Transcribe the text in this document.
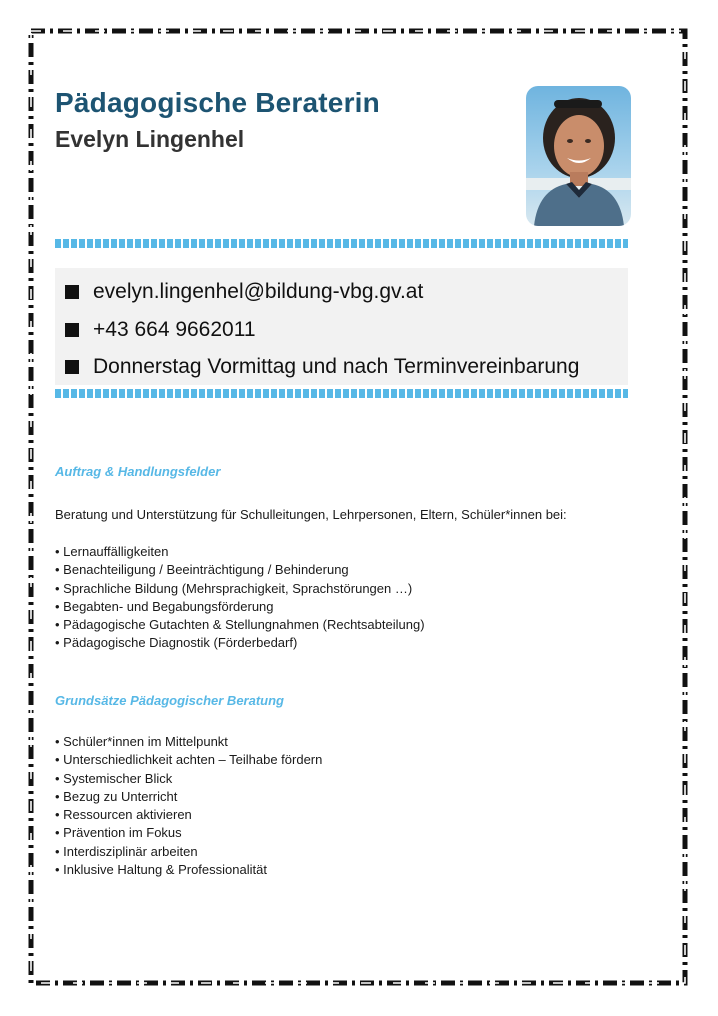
Pädagogische Beraterin
Evelyn Lingenhel
evelyn.lingenhel@bildung-vbg.gv.at
+43 664 9662011
Donnerstag Vormittag und nach Terminvereinbarung
Auftrag & Handlungsfelder
Beratung und Unterstützung für Schulleitungen, Lehrpersonen, Eltern, Schüler*innen bei:
• Lernauffälligkeiten
• Benachteiligung / Beeinträchtigung / Behinderung
• Sprachliche Bildung (Mehrsprachigkeit, Sprachstörungen …)
• Begabten- und Begabungsförderung
• Pädagogische Gutachten & Stellungnahmen (Rechtsabteilung)
• Pädagogische Diagnostik (Förderbedarf)
Grundsätze Pädagogischer Beratung
• Schüler*innen im Mittelpunkt
• Unterschiedlichkeit achten – Teilhabe fördern
• Systemischer Blick
• Bezug zu Unterricht
• Ressourcen aktivieren
• Prävention im Fokus
• Interdisziplinär arbeiten
• Inklusive Haltung & Professionalität
